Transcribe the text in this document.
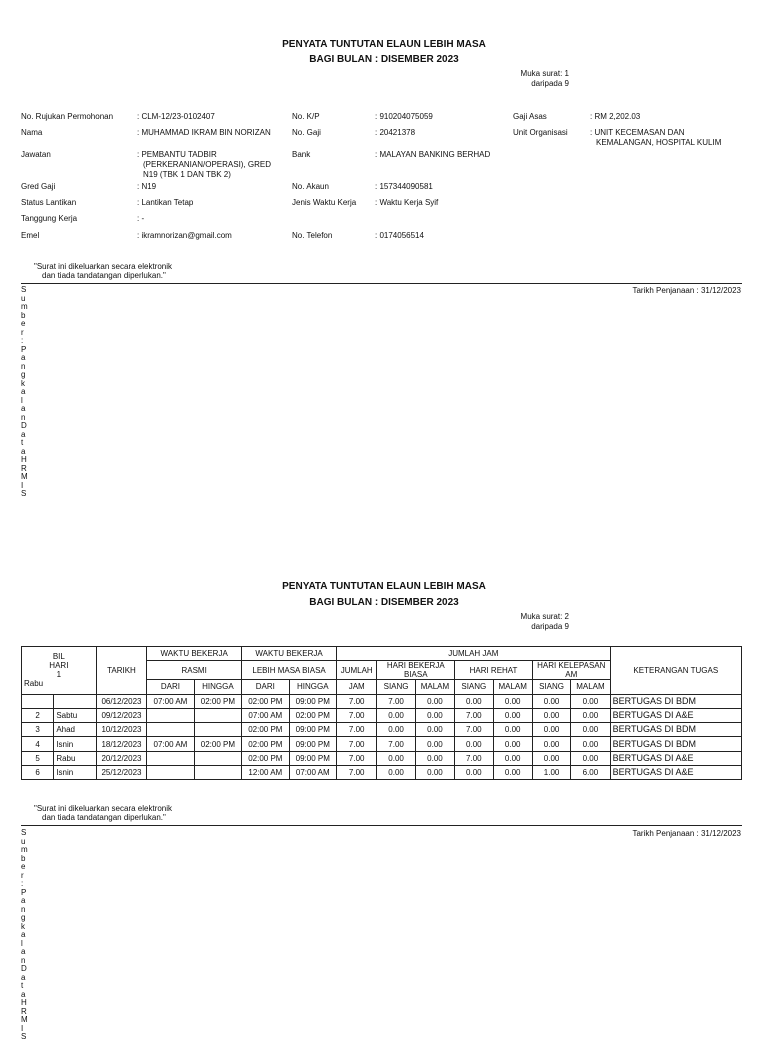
PENYATA TUNTUTAN ELAUN LEBIH MASA
BAGI BULAN : DISEMBER 2023
Muka surat: 1
daripada 9
No. Rujukan Permohonan	: CLM-12/23-0102407
Nama	: MUHAMMAD IKRAM BIN NORIZAN
Jawatan	: PEMBANTU TADBIR
(PERKERANIAN/OPERASI), GRED
N19 (TBK 1 DAN TBK 2)
Gred Gaji	: N19
Status Lantikan	: Lantikan Tetap
Tanggung Kerja	: -
Emel	: ikramnorizan@gmail.com
No. K/P	: 910204075059
No. Gaji	: 20421378
Bank	: MALAYAN BANKING BERHAD
No. Akaun	: 157344090581
Jenis Waktu Kerja : Waktu Kerja Syif
No. Telefon	: 0174056514
Gaji Asas	: RM 2,202.03
Unit Organisasi	: UNIT KECEMASAN DAN
KEMALANGAN, HOSPITAL KULIM
"Surat ini dikeluarkan secara elektronik
dan tiada tandatangan diperlukan."
Tarikh Penjanaan : 31/12/2023
S
u
m
b
e
r
:
P
a
n
g
k
a
l
a
n
D
a
t
a
H
R
M
I
S
PENYATA TUNTUTAN ELAUN LEBIH MASA
BAGI BULAN : DISEMBER 2023
Muka surat: 2
daripada 9
BIL
HARI
1
Rabu		TARIKH	WAKTU BEKERJA		WAKTU BEKERJA		JUMLAH JAM							KETERANGAN TUGAS
			RASMI		LEBIH MASA BIASA		JUMLAH	HARI BEKERJA BIASA		HARI REHAT		HARI KELEPASAN AM		
			DARI	HINGGA	DARI	HINGGA	JAM	SIANG	MALAM	SIANG	MALAM	SIANG	MALAM	
		06/12/2023	07:00 AM	02:00 PM	02:00 PM	09:00 PM	7.00	7.00	0.00	0.00	0.00	0.00	0.00	BERTUGAS DI BDM
2	Sabtu	09/12/2023			07:00 AM	02:00 PM	7.00	0.00	0.00	7.00	0.00	0.00	0.00	BERTUGAS DI A&E
3	Ahad	10/12/2023			02:00 PM	09:00 PM	7.00	0.00	0.00	7.00	0.00	0.00	0.00	BERTUGAS DI BDM
4	Isnin	18/12/2023	07:00 AM	02:00 PM	02:00 PM	09:00 PM	7.00	7.00	0.00	0.00	0.00	0.00	0.00	BERTUGAS DI BDM
5	Rabu	20/12/2023			02:00 PM	09:00 PM	7.00	0.00	0.00	7.00	0.00	0.00	0.00	BERTUGAS DI A&E
6	Isnin	25/12/2023			12:00 AM	07:00 AM	7.00	0.00	0.00	0.00	0.00	1.00	6.00	BERTUGAS DI A&E
"Surat ini dikeluarkan secara elektronik
dan tiada tandatangan diperlukan."
Tarikh Penjanaan : 31/12/2023
S
u
m
b
e
r
:
P
a
n
g
k
a
l
a
n
D
a
t
a
H
R
M
I
S
